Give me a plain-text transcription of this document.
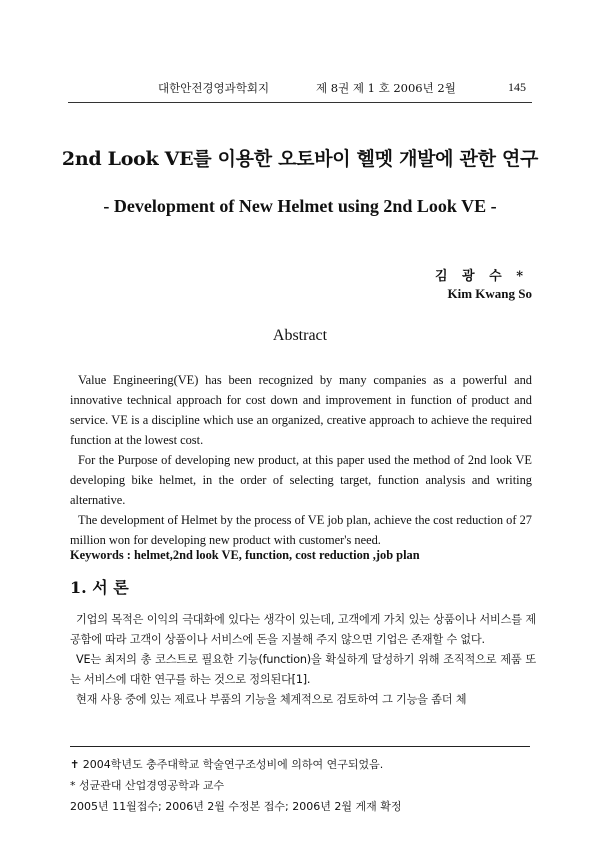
대한안전경영과학회지	제 8권 제 1 호 2006년 2월	145
2nd Look VE를 이용한 오토바이 헬멧 개발에 관한 연구
- Development of New Helmet using 2nd Look VE -
김 광 수 *
Kim Kwang So
Abstract

Value Engineering(VE) has been recognized by many companies as a powerful and innovative technical approach for cost down and improvement in function of product and service. VE is a discipline which use an organized, creative approach to achieve the required function at the lowest cost.

For the Purpose of developing new product, at this paper used the method of 2nd look VE developing bike helmet, in the order of selecting target, function analysis and writing alternative.

The development of Helmet by the process of VE job plan, achieve the cost reduction of 27 million won for developing new product with customer's need.

Keywords : helmet,2nd look VE, function, cost reduction ,job plan
1. 서 론

기업의 목적은 이익의 극대화에 있다는 생각이 있는데, 고객에게 가치 있는 상품이나 서비스를 제공함에 따라 고객이 상품이나 서비스에 돈을 지불해 주지 않으면 기업은 존재할 수 없다.

VE는 최저의 총 코스트로 필요한 기능(function)을 확실하게 달성하기 위해 조직적으로 제품 또는 서비스에 대한 연구를 하는 것으로 정의된다[1].

현재 사용 중에 있는 제료나 부품의 기능을 체계적으로 검토하여 그 기능을 좀더 체

✝ 2004학년도 충주대학교 학술연구조성비에 의하여 연구되었음.
* 성균관대 산업경영공학과 교수
2005년 11월접수; 2006년 2월 수정본 접수; 2006년 2월 게재 확정
